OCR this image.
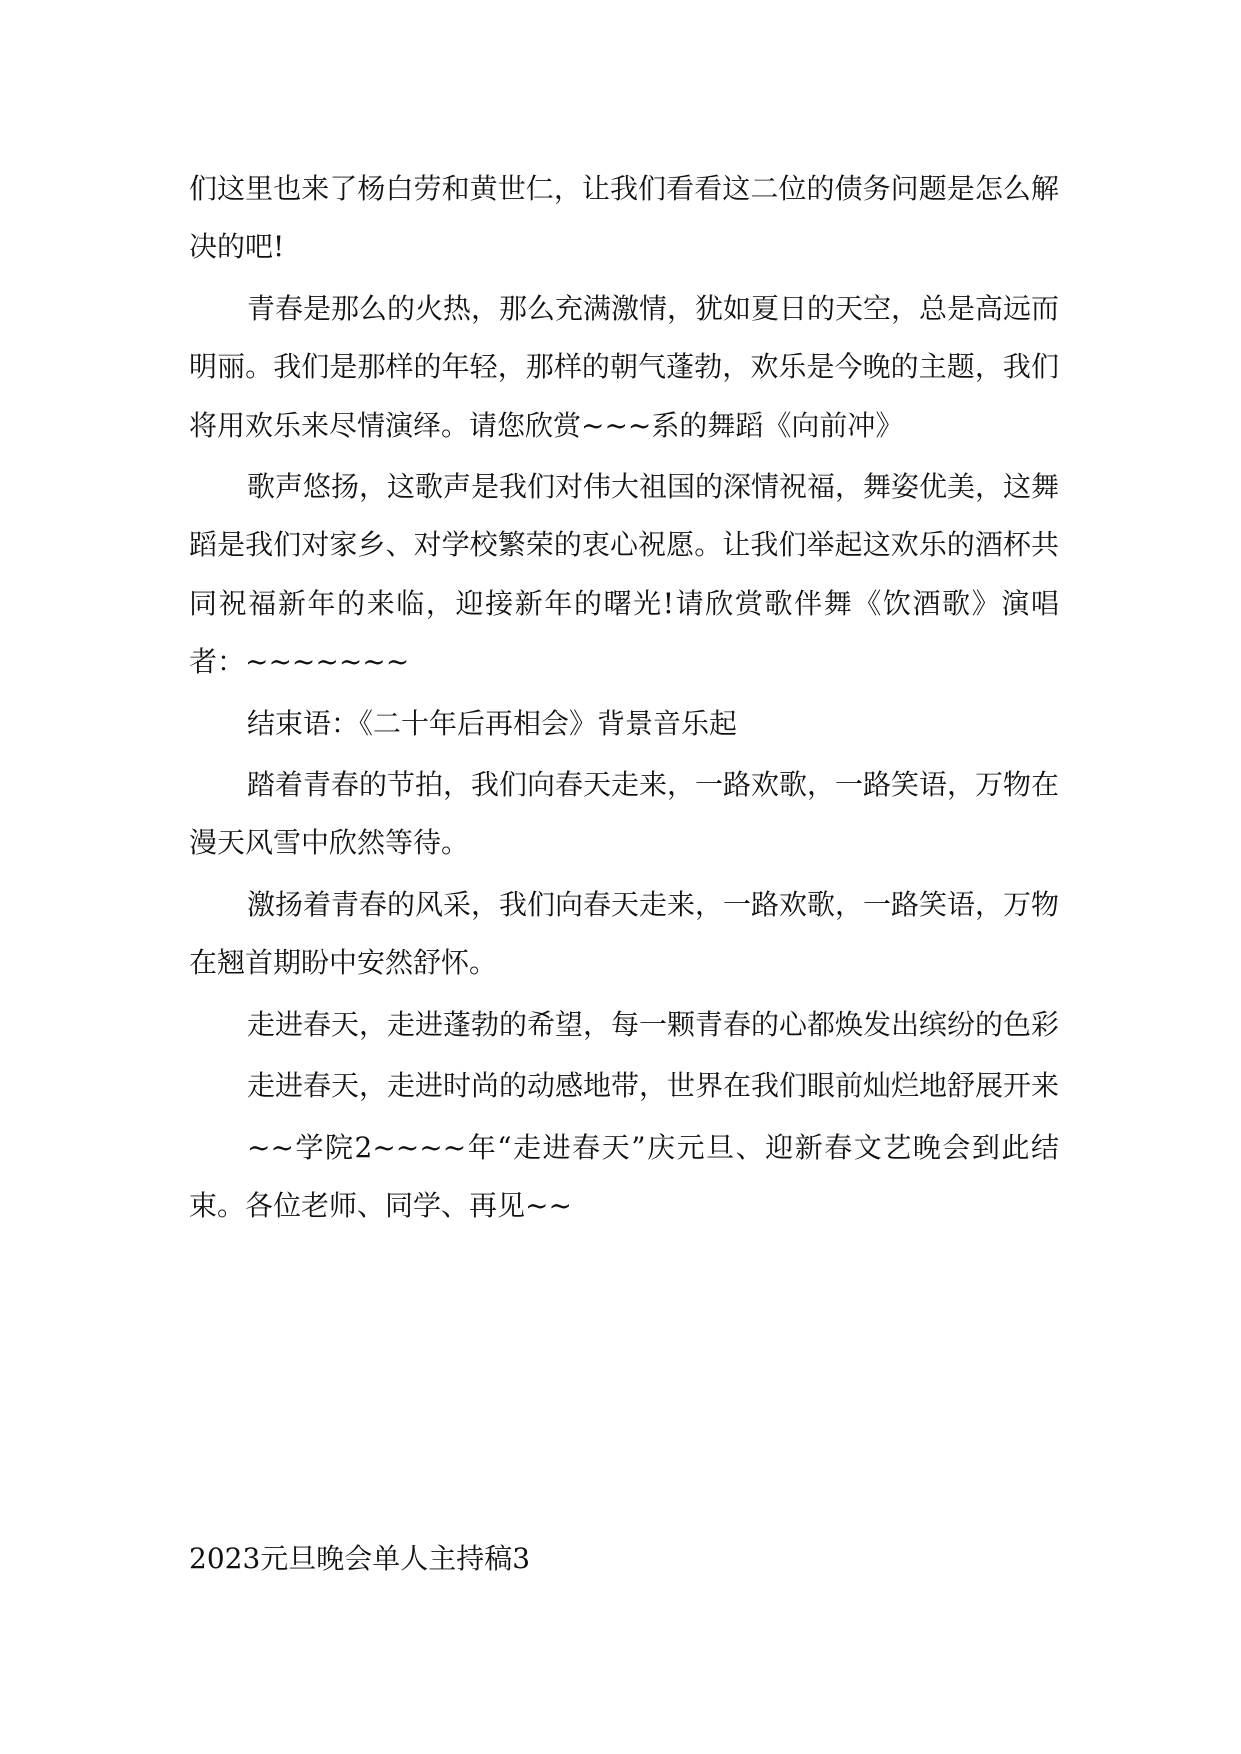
们这里也来了杨白劳和黄世仁，让我们看看这二位的债务问题是怎么解决的吧!

青春是那么的火热，那么充满激情，犹如夏日的天空，总是高远而明丽。我们是那样的年轻，那样的朝气蓬勃，欢乐是今晚的主题，我们将用欢乐来尽情演绎。请您欣赏~~~系的舞蹈《向前冲》

歌声悠扬，这歌声是我们对伟大祖国的深情祝福，舞姿优美，这舞蹈是我们对家乡、对学校繁荣的衷心祝愿。让我们举起这欢乐的酒杯共同祝福新年的来临，迎接新年的曙光!请欣赏歌伴舞《饮酒歌》演唱者：~~~~~~~

结束语：《二十年后再相会》背景音乐起

踏着青春的节拍，我们向春天走来，一路欢歌，一路笑语，万物在漫天风雪中欣然等待。

激扬着青春的风采，我们向春天走来，一路欢歌，一路笑语，万物在翘首期盼中安然舒怀。

走进春天，走进蓬勃的希望，每一颗青春的心都焕发出缤纷的色彩

走进春天，走进时尚的动感地带，世界在我们眼前灿烂地舒展开来

~~学院2~~~~年“走进春天”庆元旦、迎新春文艺晚会到此结束。各位老师、同学、再见~~

2023元旦晚会单人主持稿3
